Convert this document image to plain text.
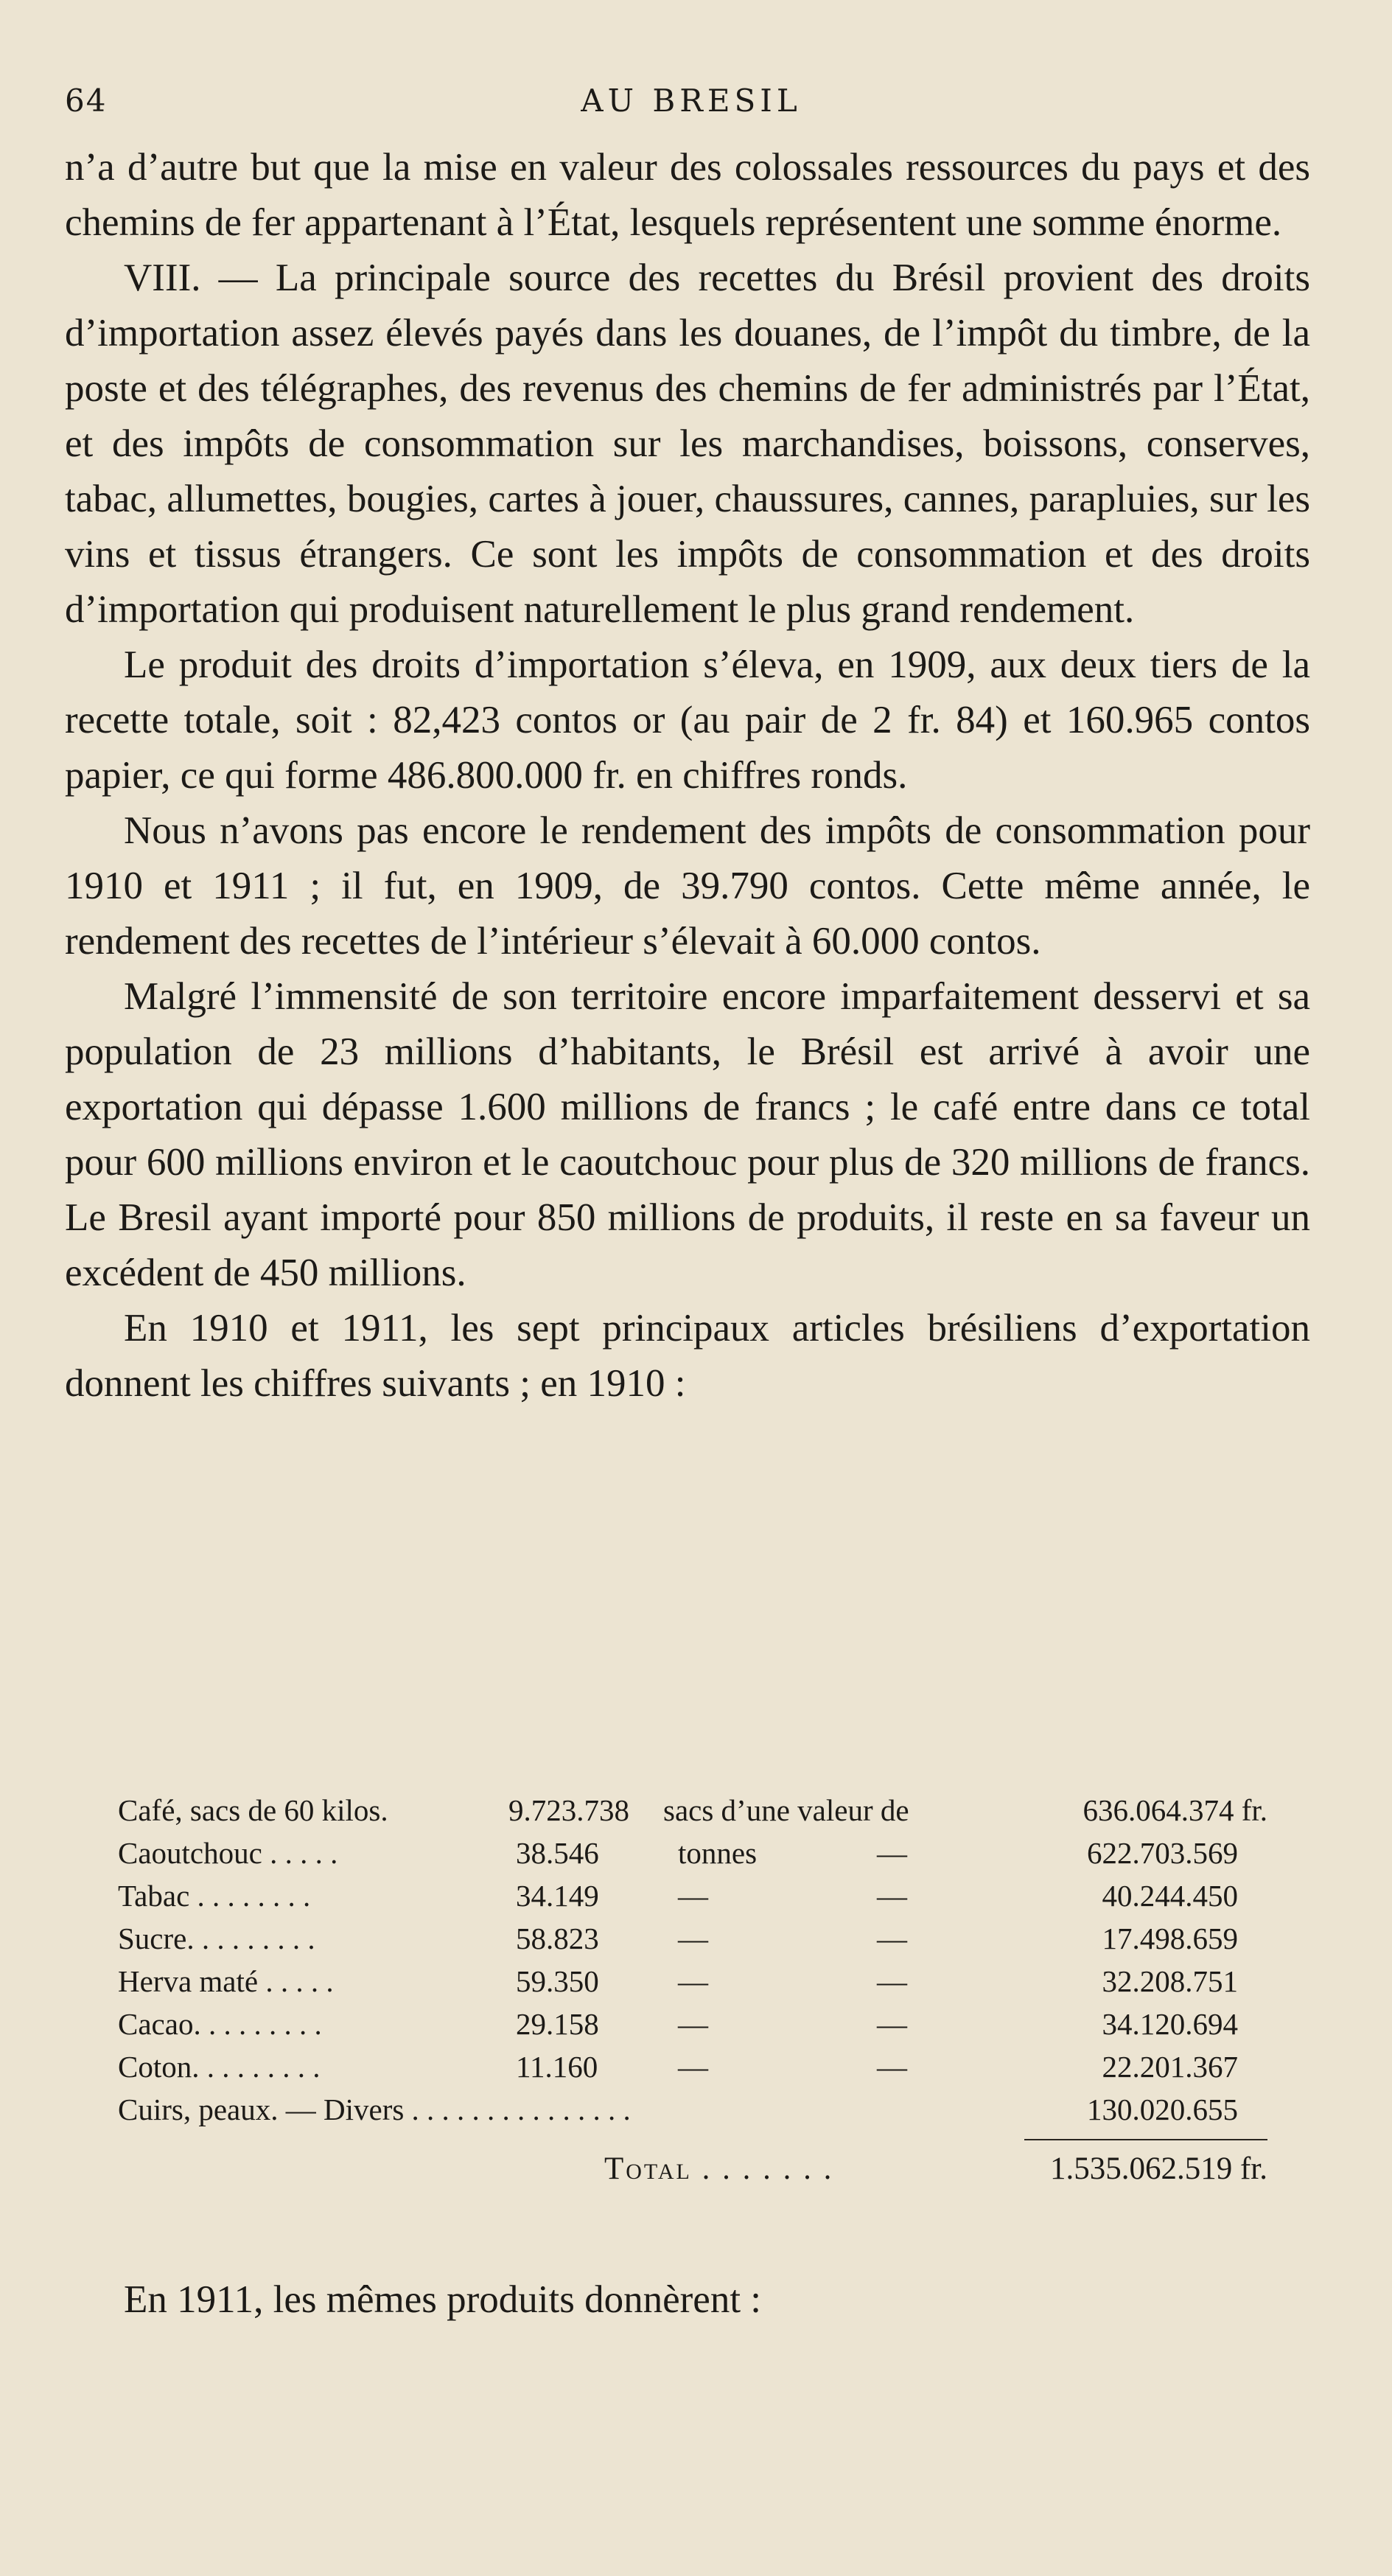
64	AU BRESIL

n’a d’autre but que la mise en valeur des colossales ressources du pays et des chemins de fer appartenant à l’État, lesquels représentent une somme énorme.

VIII. — La principale source des recettes du Brésil provient des droits d’importation assez élevés payés dans les douanes, de l’impôt du timbre, de la poste et des télégraphes, des revenus des chemins de fer administrés par l’État, et des impôts de consommation sur les marchandises, boissons, conserves, tabac, allumettes, bougies, cartes à jouer, chaussures, cannes, parapluies, sur les vins et tissus étrangers. Ce sont les impôts de consommation et des droits d’importation qui produisent naturellement le plus grand rendement.

Le produit des droits d’importation s’éleva, en 1909, aux deux tiers de la recette totale, soit : 82,423 contos or (au pair de 2 fr. 84) et 160.965 contos papier, ce qui forme 486.800.000 fr. en chiffres ronds.

Nous n’avons pas encore le rendement des impôts de consommation pour 1910 et 1911 ; il fut, en 1909, de 39.790 contos. Cette même année, le rendement des recettes de l’intérieur s’élevait à 60.000 contos.

Malgré l’immensité de son territoire encore imparfaitement desservi et sa population de 23 millions d’habitants, le Brésil est arrivé à avoir une exportation qui dépasse 1.600 millions de francs ; le café entre dans ce total pour 600 millions environ et le caoutchouc pour plus de 320 millions de francs. Le Bresil ayant importé pour 850 millions de produits, il reste en sa faveur un excédent de 450 millions.

En 1910 et 1911, les sept principaux articles brésiliens d’exportation donnent les chiffres suivants ; en 1910 :

Café, sacs de 60 kilos.	9.723.738 sacs d’une valeur de	636.064.374 fr.
Caoutchouc . . . . .	38.546	tonnes	—	622.703.569
Tabac . . . . . . . .	34.149	—	—	40.244.450
Sucre. . . . . . . . .	58.823	—	—	17.498.659
Herva maté . . . . .	59.350	—	—	32.208.751
Cacao. . . . . . . . .	29.158	—	—	34.120.694
Coton. . . . . . . . .	11.160	—	—	22.201.367
Cuirs, peaux. — Divers . . . . . . . . . . . . . . .	130.020.655
Total . . . . . . .	1.535.062.519 fr.
En 1911, les mêmes produits donnèrent :
